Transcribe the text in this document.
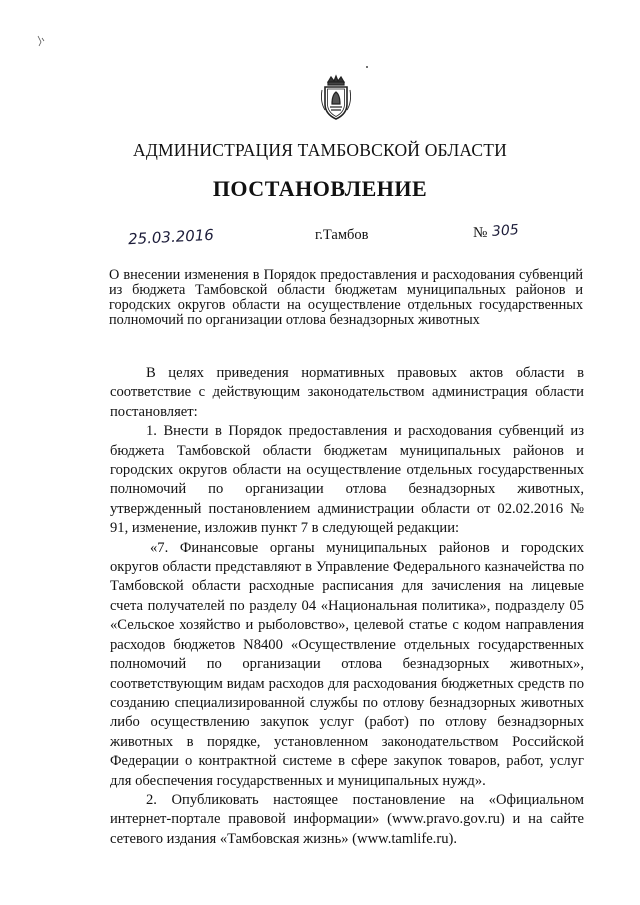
АДМИНИСТРАЦИЯ ТАМБОВСКОЙ ОБЛАСТИ
ПОСТАНОВЛЕНИЕ
25.03.2016	г.Тамбов	№ 305
О внесении изменения в Порядок предоставления и расходования субвенций из бюджета Тамбовской области бюджетам муниципальных районов и городских округов области на осуществление отдельных государственных полномочий по организации отлова безнадзорных животных

В целях приведения нормативных правовых актов области в соответствие с действующим законодательством администрация области постановляет:

1. Внести в Порядок предоставления и расходования субвенций из бюджета Тамбовской области бюджетам муниципальных районов и городских округов области на осуществление отдельных государственных полномочий по организации отлова безнадзорных животных, утвержденный постановлением администрации области от 02.02.2016 № 91, изменение, изложив пункт 7 в следующей редакции:

«7. Финансовые органы муниципальных районов и городских округов области представляют в Управление Федерального казначейства по Тамбовской области расходные расписания для зачисления на лицевые счета получателей по разделу 04 «Национальная политика», подразделу 05 «Сельское хозяйство и рыболовство», целевой статье с кодом направления расходов бюджетов N8400 «Осуществление отдельных государственных полномочий по организации отлова безнадзорных животных», соответствующим видам расходов для расходования бюджетных средств по созданию специализированной службы по отлову безнадзорных животных либо осуществлению закупок услуг (работ) по отлову безнадзорных животных в порядке, установленном законодательством Российской Федерации о контрактной системе в сфере закупок товаров, работ, услуг для обеспечения государственных и муниципальных нужд».

2. Опубликовать настоящее постановление на «Официальном интернет-портале правовой информации» (www.pravo.gov.ru) и на сайте сетевого издания «Тамбовская жизнь» (www.tamlife.ru).
